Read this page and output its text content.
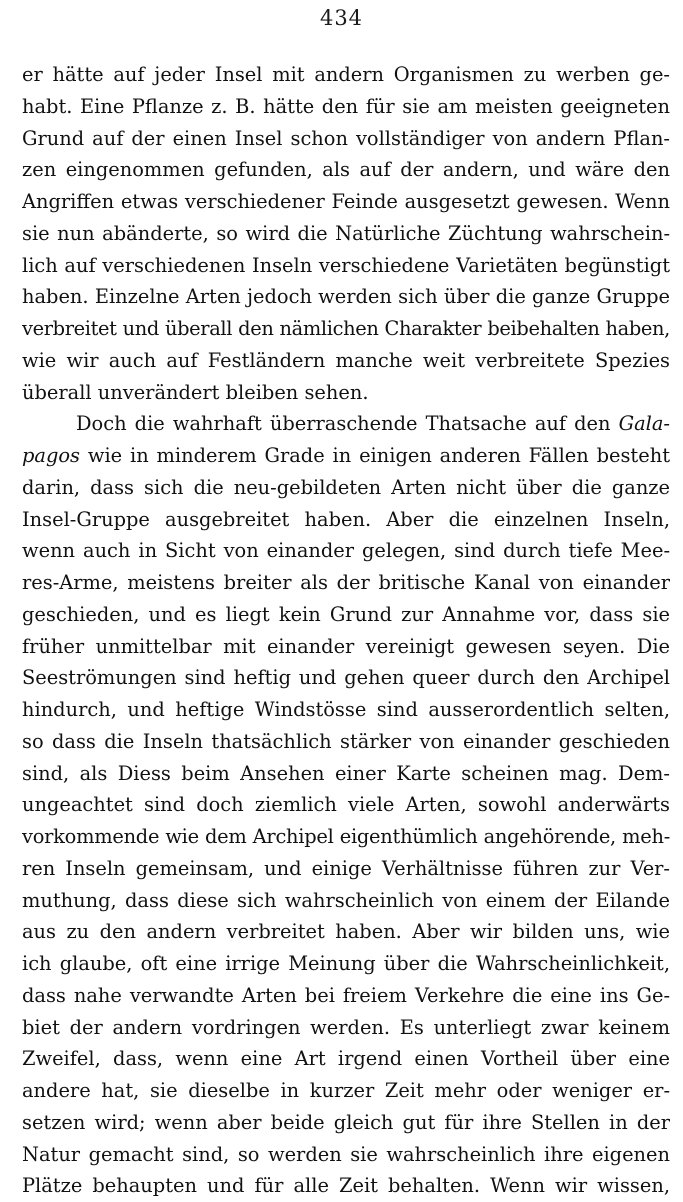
434
er hätte auf jeder Insel mit andern Organismen zu werben ge-
habt. Eine Pflanze z. B. hätte den für sie am meisten geeigneten
Grund auf der einen Insel schon vollständiger von andern Pflan-
zen eingenommen gefunden, als auf der andern, und wäre den
Angriffen etwas verschiedener Feinde ausgesetzt gewesen. Wenn
sie nun abänderte, so wird die Natürliche Züchtung wahrschein-
lich auf verschiedenen Inseln verschiedene Varietäten begünstigt
haben. Einzelne Arten jedoch werden sich über die ganze Gruppe
verbreitet und überall den nämlichen Charakter beibehalten haben,
wie wir auch auf Festländern manche weit verbreitete Spezies
überall unverändert bleiben sehen.
Doch die wahrhaft überraschende Thatsache auf den Gala-
pagos wie in minderem Grade in einigen anderen Fällen besteht
darin, dass sich die neu-gebildeten Arten nicht über die ganze
Insel-Gruppe ausgebreitet haben. Aber die einzelnen Inseln,
wenn auch in Sicht von einander gelegen, sind durch tiefe Mee-
res-Arme, meistens breiter als der britische Kanal von einander
geschieden, und es liegt kein Grund zur Annahme vor, dass sie
früher unmittelbar mit einander vereinigt gewesen seyen. Die
Seeströmungen sind heftig und gehen queer durch den Archipel
hindurch, und heftige Windstösse sind ausserordentlich selten,
so dass die Inseln thatsächlich stärker von einander geschieden
sind, als Diess beim Ansehen einer Karte scheinen mag. Dem-
ungeachtet sind doch ziemlich viele Arten, sowohl anderwärts
vorkommende wie dem Archipel eigenthümlich angehörende, meh-
ren Inseln gemeinsam, und einige Verhältnisse führen zur Ver-
muthung, dass diese sich wahrscheinlich von einem der Eilande
aus zu den andern verbreitet haben. Aber wir bilden uns, wie
ich glaube, oft eine irrige Meinung über die Wahrscheinlichkeit,
dass nahe verwandte Arten bei freiem Verkehre die eine ins Ge-
biet der andern vordringen werden. Es unterliegt zwar keinem
Zweifel, dass, wenn eine Art irgend einen Vortheil über eine
andere hat, sie dieselbe in kurzer Zeit mehr oder weniger er-
setzen wird; wenn aber beide gleich gut für ihre Stellen in der
Natur gemacht sind, so werden sie wahrscheinlich ihre eigenen
Plätze behaupten und für alle Zeit behalten. Wenn wir wissen,
